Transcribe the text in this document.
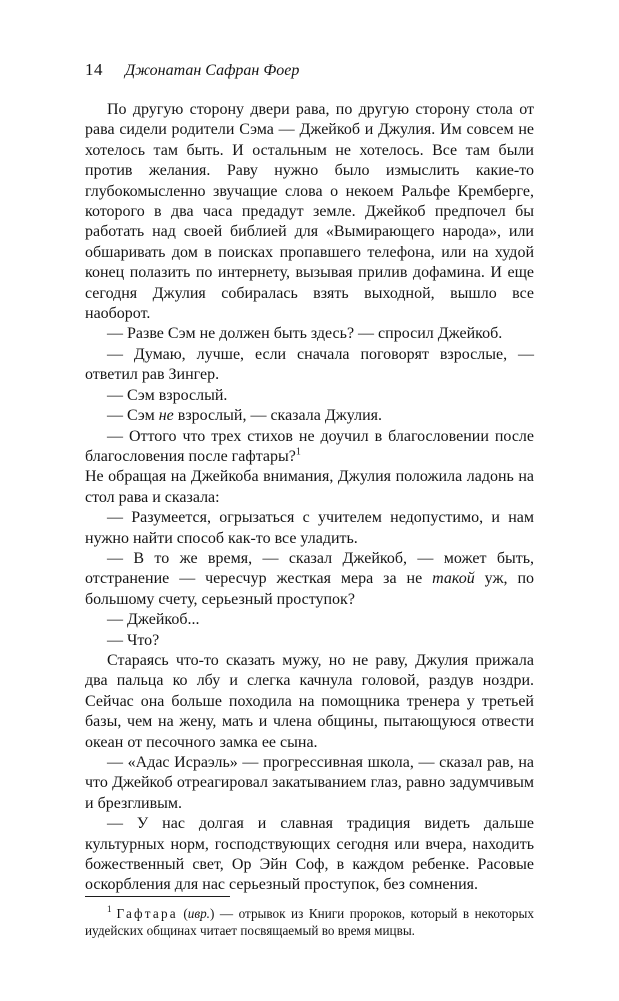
14 Джонатан Сафран Фоер

По другую сторону двери рава, по другую сторону стола от рава сидели родители Сэма — Джейкоб и Джулия. Им совсем не хотелось там быть. И остальным не хотелось. Все там были против желания. Раву нужно было измыслить какие-то глубокомысленно звучащие слова о некоем Ральфе Кремберге, которого в два часа предадут земле. Джейкоб предпочел бы работать над своей библией для «Вымирающего народа», или обшаривать дом в поисках пропавшего телефона, или на худой конец полазить по интернету, вызывая прилив дофамина. И еще сегодня Джулия собиралась взять выходной, вышло все наоборот.

— Разве Сэм не должен быть здесь? — спросил Джейкоб.

— Думаю, лучше, если сначала поговорят взрослые, — ответил рав Зингер.

— Сэм взрослый.

— Сэм не взрослый, — сказала Джулия.

— Оттого что трех стихов не доучил в благословении после благословения после гафтары?$^1$

Не обращая на Джейкоба внимания, Джулия положила ладонь на стол рава и сказала:

— Разумеется, огрызаться с учителем недопустимо, и нам нужно найти способ как-то все уладить.

— В то же время, — сказал Джейкоб, — может быть, отстранение — чересчур жесткая мера за не такой уж, по большому счету, серьезный проступок?

— Джейкоб...

— Что?

Стараясь что-то сказать мужу, но не раву, Джулия прижала два пальца ко лбу и слегка качнула головой, раздув ноздри. Сейчас она больше походила на помощника тренера у третьей базы, чем на жену, мать и члена общины, пытающуюся отвести океан от песочного замка ее сына.

— «Адас Исраэль» — прогрессивная школа, — сказал рав, на что Джейкоб отреагировал закатыванием глаз, равно задумчивым и брезгливым.

— У нас долгая и славная традиция видеть дальше культурных норм, господствующих сегодня или вчера, находить божественный свет, Ор Эйн Соф, в каждом ребенке. Расовые оскорбления для нас серьезный проступок, без сомнения.

$^1$ Гафтара (ивр.) — отрывок из Книги пророков, который в некоторых иудейских общинах читает посвящаемый во время мицвы.
